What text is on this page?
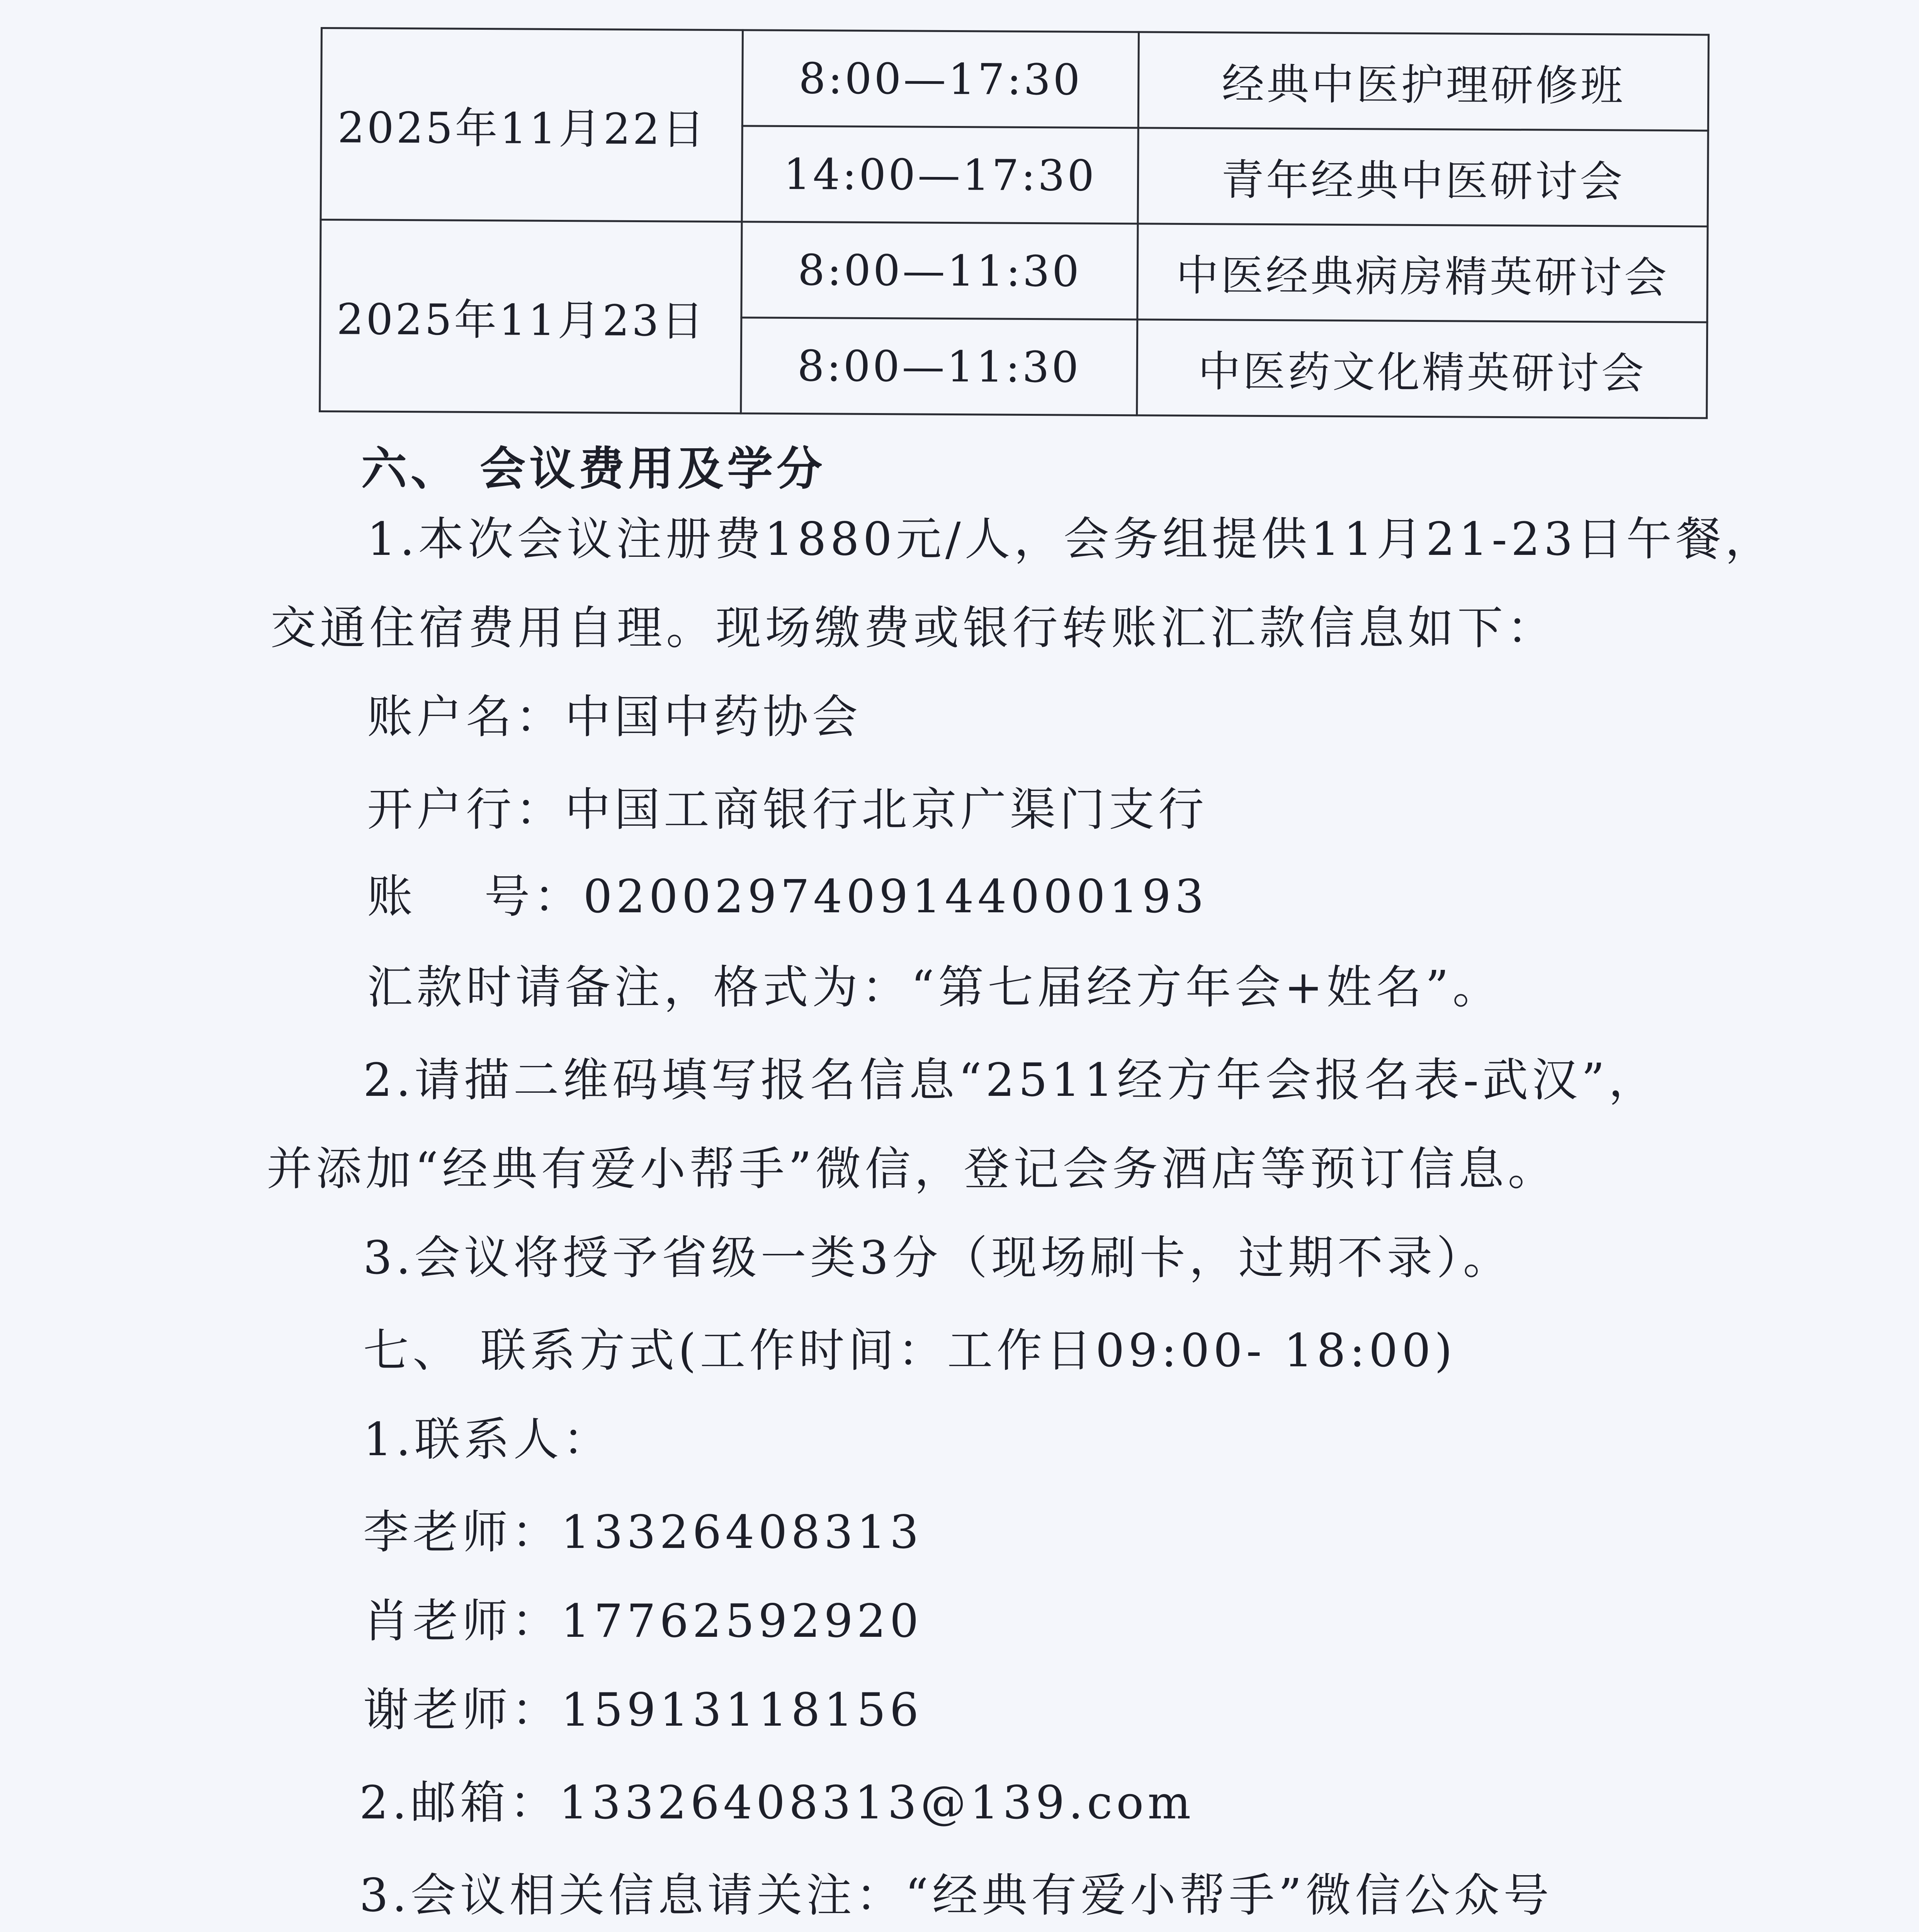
2025年11月22日	8:00—17:30	经典中医护理研修班
	14:00—17:30	青年经典中医研讨会
2025年11月23日	8:00—11:30	中医经典病房精英研讨会
	8:00—11:30	中医药文化精英研讨会
六、 会议费用及学分
1.本次会议注册费1880元/人，会务组提供11月21-23日午餐，
交通住宿费用自理。现场缴费或银行转账汇汇款信息如下：
账户名：中国中药协会
开户行：中国工商银行北京广渠门支行
账　 号：0200297409144000193
汇款时请备注，格式为：“第七届经方年会+姓名”。
2.请描二维码填写报名信息“2511经方年会报名表-武汉”，
并添加“经典有爱小帮手”微信，登记会务酒店等预订信息。
3.会议将授予省级一类3分（现场刷卡，过期不录）。
七、 联系方式(工作时间：工作日09:00- 18:00)
1.联系人：
李老师：13326408313
肖老师：17762592920
谢老师：15913118156
2.邮箱：13326408313@139.com
3.会议相关信息请关注：“经典有爱小帮手”微信公众号
